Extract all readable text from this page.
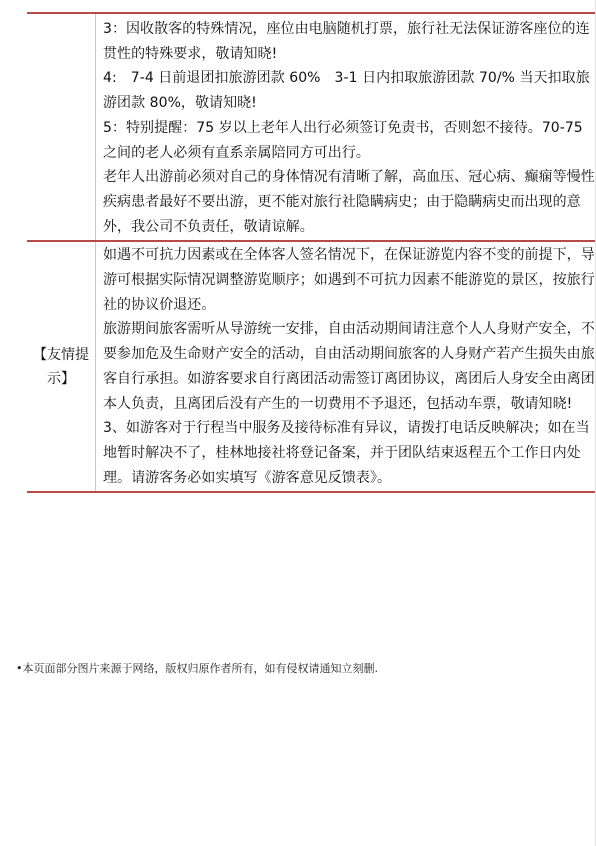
3：因收散客的特殊情况，座位由电脑随机打票，旅行社无法保证游客座位的连贯性的特殊要求，敬请知晓!

4:　7-4 日前退团扣旅游团款 60%　3-1 日内扣取旅游团款 70/% 当天扣取旅游团款 80%，敬请知晓!

5：特别提醒：75 岁以上老年人出行必须签订免责书，否则恕不接待。70-75 之间的老人必须有直系亲属陪同方可出行。

老年人出游前必须对自己的身体情况有清晰了解，高血压、冠心病、癫痫等慢性疾病患者最好不要出游，更不能对旅行社隐瞒病史；由于隐瞒病史而出现的意外，我公司不负责任，敬请谅解。

【友情提示】

如遇不可抗力因素或在全体客人签名情况下，在保证游览内容不变的前提下，导游可根据实际情况调整游览顺序；如遇到不可抗力因素不能游览的景区，按旅行社的协议价退还。

旅游期间旅客需听从导游统一安排，自由活动期间请注意个人人身财产安全，不要参加危及生命财产安全的活动，自由活动期间旅客的人身财产若产生损失由旅客自行承担。如游客要求自行离团活动需签订离团协议，离团后人身安全由离团本人负责，且离团后没有产生的一切费用不予退还，包括动车票，敬请知晓!

3、如游客对于行程当中服务及接待标准有异议，请拨打电话反映解决；如在当地暂时解决不了，桂林地接社将登记备案，并于团队结束返程五个工作日内处理。请游客务必如实填写《游客意见反馈表》。

•本页面部分图片来源于网络，版权归原作者所有，如有侵权请通知立刻删.
